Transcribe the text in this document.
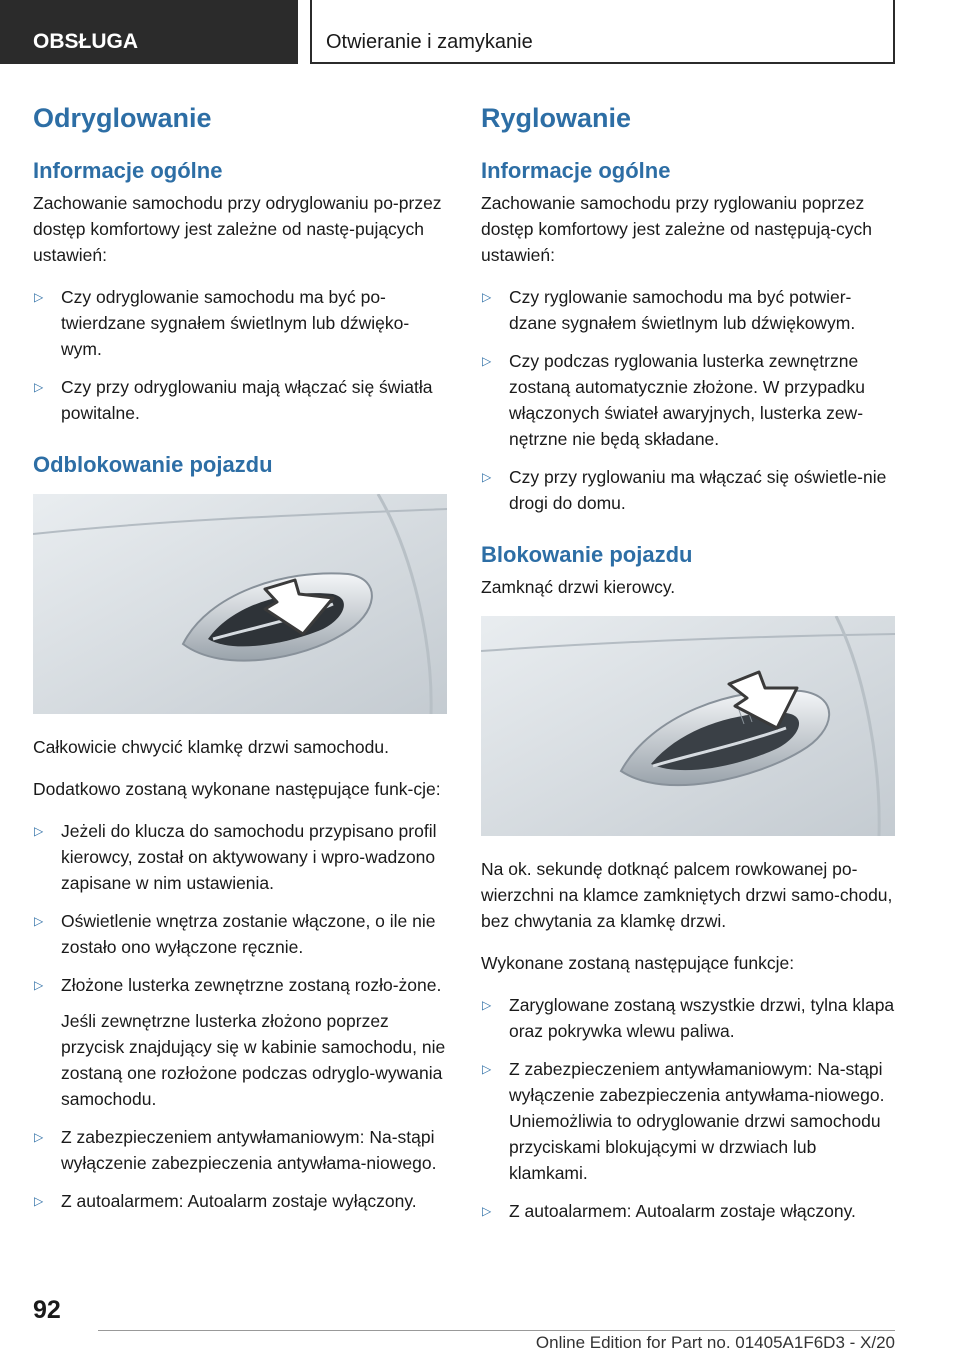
OBSŁUGA	Otwieranie i zamykanie
Odryglowanie
Informacje ogólne

Zachowanie samochodu przy odryglowaniu po-przez dostęp komfortowy jest zależne od nastę-pujących ustawień:

▷ Czy odryglowanie samochodu ma być po-twierdzane sygnałem świetlnym lub dźwięko-wym.
▷ Czy przy odryglowaniu mają włączać się światła powitalne.
Odblokowanie pojazdu

Całkowicie chwycić klamkę drzwi samochodu.

Dodatkowo zostaną wykonane następujące funk-cje:

▷ Jeżeli do klucza do samochodu przypisano profil kierowcy, został on aktywowany i wpro-wadzono zapisane w nim ustawienia.
▷ Oświetlenie wnętrza zostanie włączone, o ile nie zostało ono wyłączone ręcznie.
▷ Złożone lusterka zewnętrzne zostaną rozło-żone.
Jeśli zewnętrzne lusterka złożono poprzez przycisk znajdujący się w kabinie samochodu, nie zostaną one rozłożone podczas odryglo-wywania samochodu.
▷ Z zabezpieczeniem antywłamaniowym: Na-stąpi wyłączenie zabezpieczenia antywłama-niowego.
▷ Z autoalarmem: Autoalarm zostaje wyłączony.
Ryglowanie
Informacje ogólne

Zachowanie samochodu przy ryglowaniu poprzez dostęp komfortowy jest zależne od następują-cych ustawień:

▷ Czy ryglowanie samochodu ma być potwier-dzane sygnałem świetlnym lub dźwiękowym.
▷ Czy podczas ryglowania lusterka zewnętrzne zostaną automatycznie złożone. W przypadku włączonych świateł awaryjnych, lusterka zew-nętrzne nie będą składane.
▷ Czy przy ryglowaniu ma włączać się oświetle-nie drogi do domu.
Blokowanie pojazdu

Zamknąć drzwi kierowcy.

Na ok. sekundę dotknąć palcem rowkowanej po-wierzchni na klamce zamkniętych drzwi samo-chodu, bez chwytania za klamkę drzwi.

Wykonane zostaną następujące funkcje:

▷ Zaryglowane zostaną wszystkie drzwi, tylna klapa oraz pokrywka wlewu paliwa.
▷ Z zabezpieczeniem antywłamaniowym: Na-stąpi wyłączenie zabezpieczenia antywłama-niowego. Uniemożliwia to odryglowanie drzwi samochodu przyciskami blokującymi w drzwiach lub klamkami.
▷ Z autoalarmem: Autoalarm zostaje włączony.
92
Online Edition for Part no. 01405A1F6D3 - X/20
